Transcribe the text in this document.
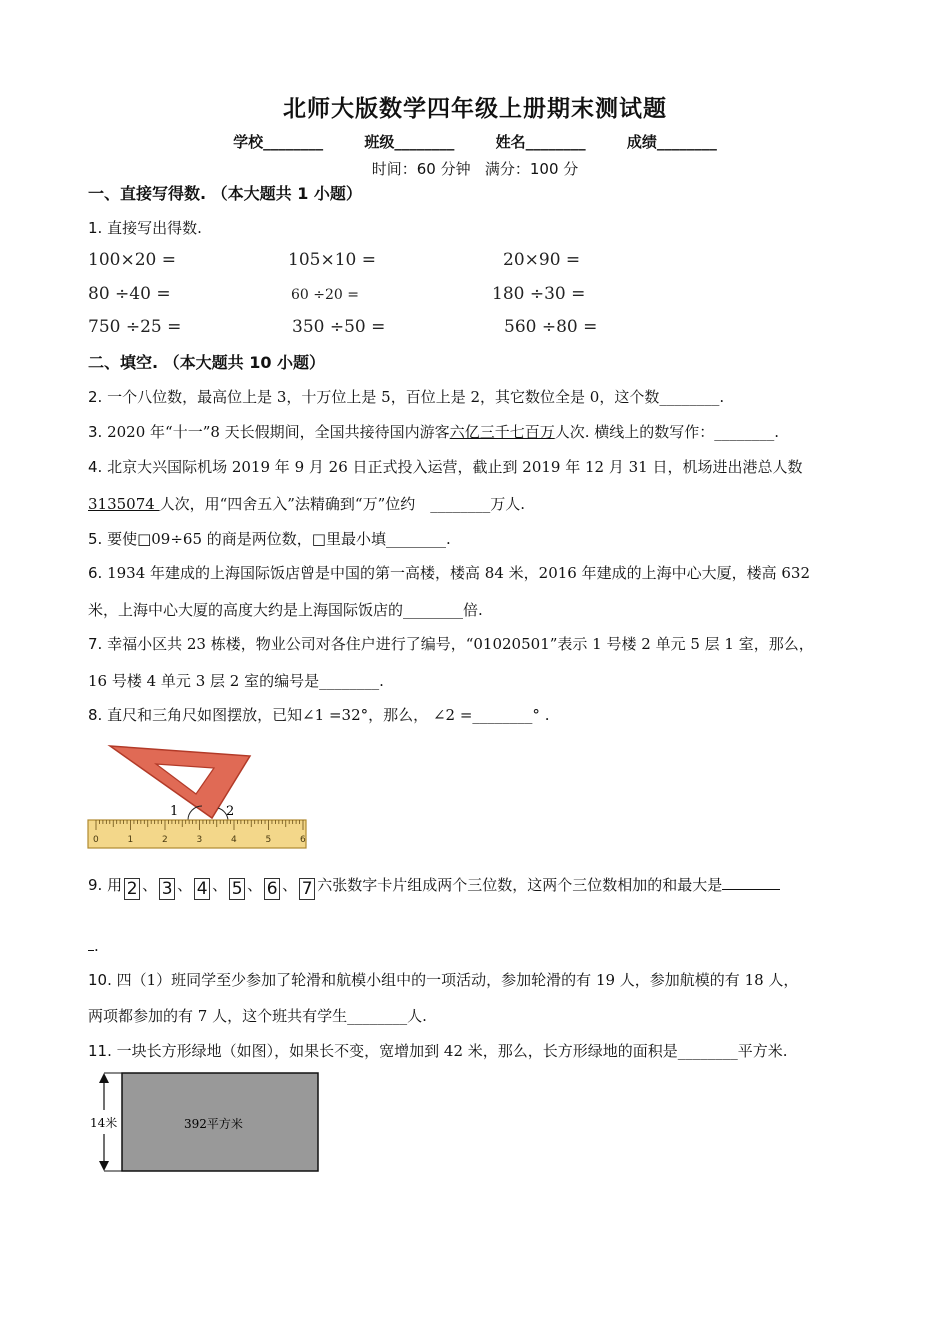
北师大版数学四年级上册期末测试题
学校________	班级________	姓名________	成绩________
时间：60 分钟   满分：100 分
一、直接写得数. （本大题共 1 小题）
1. 直接写出得数.
100×20 =	105×10 =	20×90 =
80 ÷40 =	60 ÷20 =	180 ÷30 =
750 ÷25 =	350 ÷50 =	560 ÷80 =
二、填空. （本大题共 10 小题）
2. 一个八位数，最高位上是 3，十万位上是 5，百位上是 2，其它数位全是 0，这个数________.
3. 2020 年“十一”8 天长假期间，全国共接待国内游客六亿三千七百万人次. 横线上的数写作：________.
4. 北京大兴国际机场 2019 年 9 月 26 日正式投入运营，截止到 2019 年 12 月 31 日，机场进出港总人数
3135074 人次，用“四舍五入”法精确到“万”位约　________万人.
5. 要使□09÷65 的商是两位数，□里最小填________.
6. 1934 年建成的上海国际饭店曾是中国的第一高楼，楼高 84 米，2016 年建成的上海中心大厦，楼高 632
米，上海中心大厦的高度大约是上海国际饭店的________倍.
7. 幸福小区共 23 栋楼，物业公司对各住户进行了编号，“01020501”表示 1 号楼 2 单元 5 层 1 室，那么，
16 号楼 4 单元 3 层 2 室的编号是________.
8. 直尺和三角尺如图摆放，已知∠1 =32°，那么， ∠2 =________° .
1	2
0	1	2	3	4	5	6
9. 用 2 、 3 、 4 、 5 、 6 、 7 六张数字卡片组成两个三位数，这两个三位数相加的和最大是
.
10. 四（1）班同学至少参加了轮滑和航模小组中的一项活动，参加轮滑的有 19 人，参加航模的有 18 人，
两项都参加的有 7 人，这个班共有学生________人.
11. 一块长方形绿地（如图），如果长不变，宽增加到 42 米，那么，长方形绿地的面积是________平方米.
14米	392平方米
